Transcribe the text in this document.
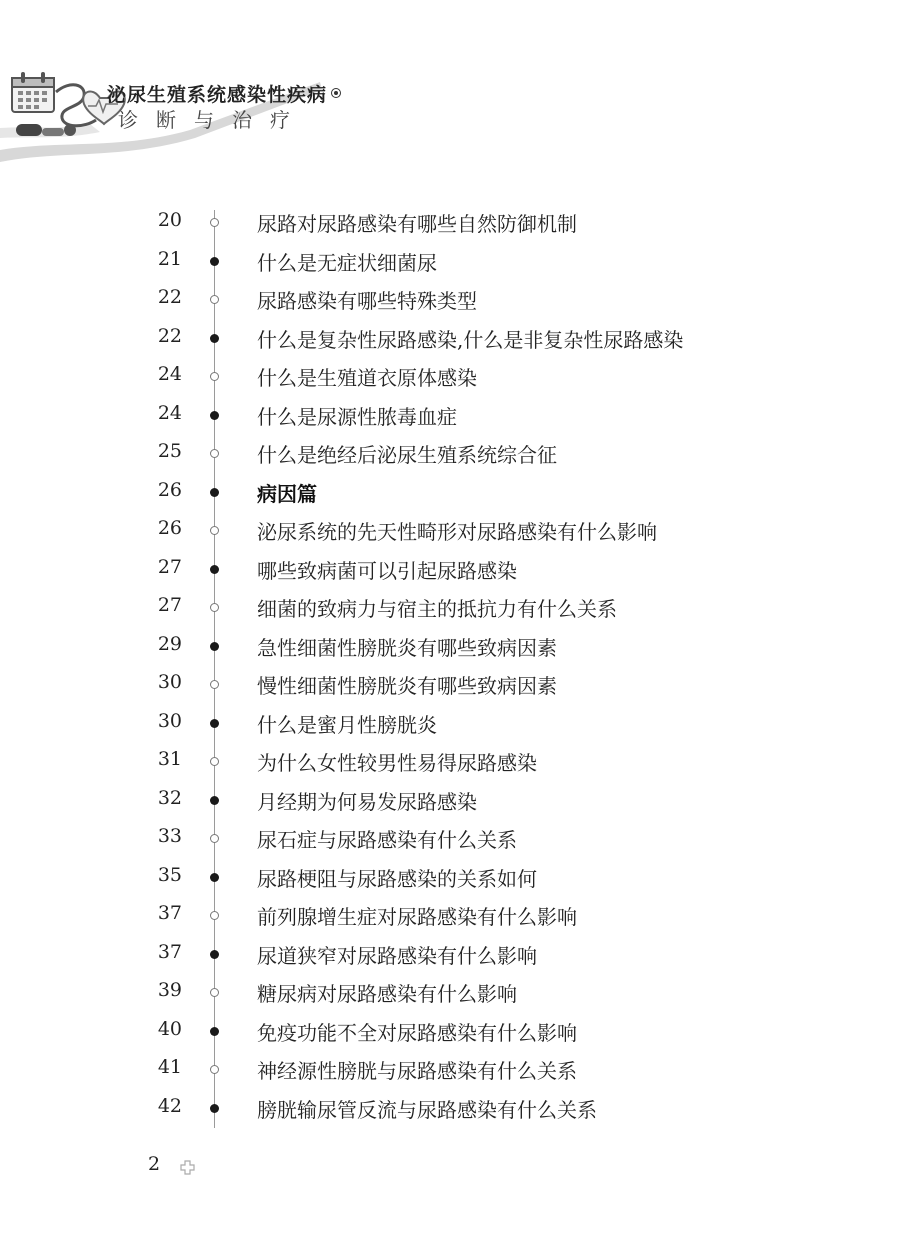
泌尿生殖系统感染性疾病
诊断与治疗
20	尿路对尿路感染有哪些自然防御机制
21	什么是无症状细菌尿
22	尿路感染有哪些特殊类型
22	什么是复杂性尿路感染,什么是非复杂性尿路感染
24	什么是生殖道衣原体感染
24	什么是尿源性脓毒血症
25	什么是绝经后泌尿生殖系统综合征
26	病因篇
26	泌尿系统的先天性畸形对尿路感染有什么影响
27	哪些致病菌可以引起尿路感染
27	细菌的致病力与宿主的抵抗力有什么关系
29	急性细菌性膀胱炎有哪些致病因素
30	慢性细菌性膀胱炎有哪些致病因素
30	什么是蜜月性膀胱炎
31	为什么女性较男性易得尿路感染
32	月经期为何易发尿路感染
33	尿石症与尿路感染有什么关系
35	尿路梗阻与尿路感染的关系如何
37	前列腺增生症对尿路感染有什么影响
37	尿道狭窄对尿路感染有什么影响
39	糖尿病对尿路感染有什么影响
40	免疫功能不全对尿路感染有什么影响
41	神经源性膀胱与尿路感染有什么关系
42	膀胱输尿管反流与尿路感染有什么关系
2
